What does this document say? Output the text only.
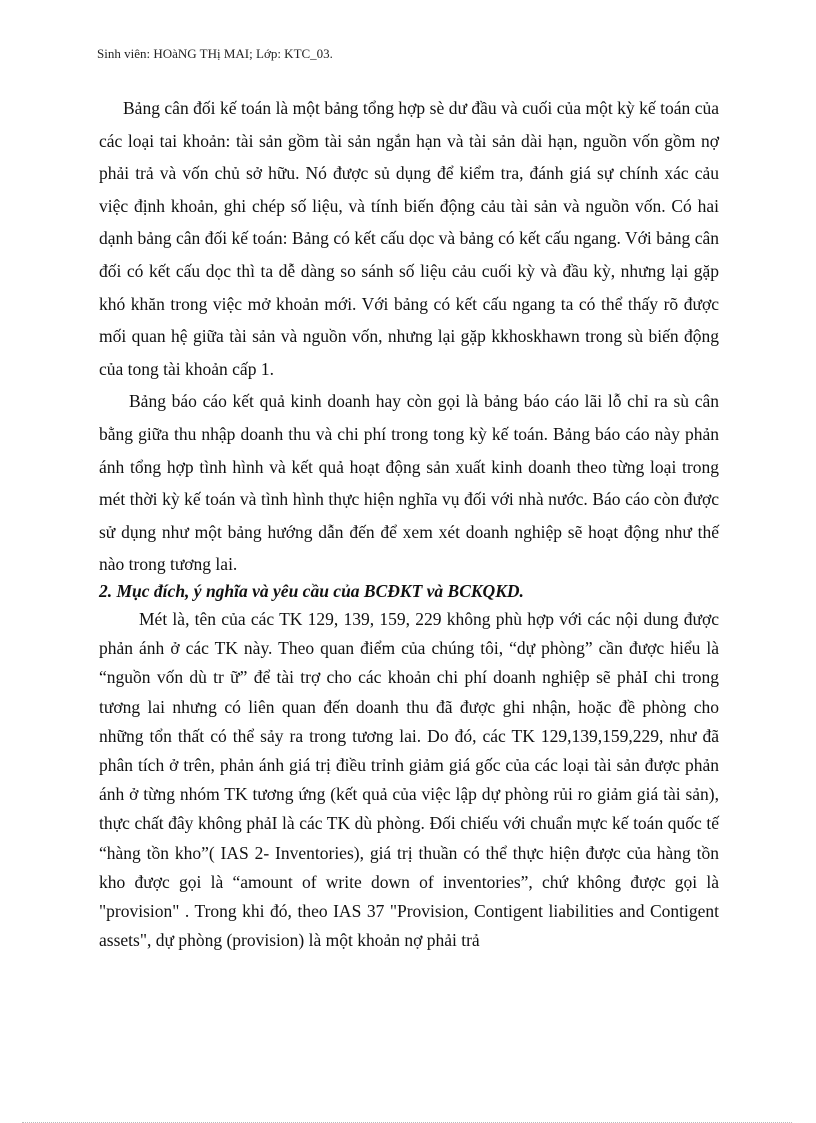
Sinh viên: HOàNG THị MAI; Lớp: KTC_03.

Bảng cân đối kế toán là một bảng tổng hợp sè dư đầu và cuối của một kỳ kế toán của các loại tai khoản: tài sản gồm tài sản ngắn hạn và tài sản dài hạn, nguồn vốn gồm nợ phải trả và vốn chủ sở hữu. Nó được sủ dụng để kiểm tra, đánh giá sự chính xác cảu việc định khoản, ghi chép số liệu, và tính biến động cảu tài sản và nguồn vốn. Có hai dạnh bảng cân đối kế toán: Bảng có kết cấu dọc và bảng có kết cấu ngang. Với bảng cân đối có kết cấu dọc thì ta dễ dàng so sánh số liệu cảu cuối kỳ và đầu kỳ, nhưng lại gặp khó khăn trong việc mở khoản mới. Với bảng có kết cấu ngang ta có thể thấy rõ được mối quan hệ giữa tài sản và nguồn vốn, nhưng lại gặp kkhoskhawn trong sù biến động của tong tài khoản cấp 1.

Bảng báo cáo kết quả kinh doanh hay còn gọi là bảng báo cáo lãi lỗ chỉ ra sù cân bằng giữa thu nhập doanh thu và chi phí trong tong kỳ kế toán. Bảng báo cáo này phản ánh tổng hợp tình hình và kết quả hoạt động sản xuất kinh doanh theo từng loại trong mét thời kỳ kế toán và tình hình thực hiện nghĩa vụ đối với nhà nước. Báo cáo còn được sử dụng như một bảng hướng dẫn đến để xem xét doanh nghiệp sẽ hoạt động như thế nào trong tương lai.

2. Mục đích, ý nghĩa và yêu cầu của BCĐKT và BCKQKD.

Mét là, tên của các TK 129, 139, 159, 229 không phù hợp với các nội dung được phản ánh ở các TK này. Theo quan điểm của chúng tôi, “dự phòng” cần được hiểu là “nguồn vốn dù tr ữ” để tài trợ cho các khoản chi phí doanh nghiệp sẽ phảI chi trong tương lai nhưng có liên quan đến doanh thu đã được ghi nhận, hoặc đề phòng cho những tổn thất có thể sảy ra trong tương lai. Do đó, các TK 129,139,159,229, như đã phân tích ở trên, phản ánh giá trị điều trỉnh giảm giá gốc của các loại tài sản được phản ánh ở từng nhóm TK tương ứng (kết quả của việc lập dự phòng rủi ro giảm giá tài sản), thực chất đây không phảI là các TK dù phòng. Đối chiếu với chuẩn mực kế toán quốc tế “hàng tồn kho”( IAS 2- Inventories), giá trị thuần có thể thực hiện được của hàng tồn kho được gọi là “amount of write down of inventories”, chứ không được gọi là "provision" . Trong khi đó, theo IAS 37 "Provision, Contigent liabilities and Contigent assets", dự phòng (provision) là một khoản nợ phải trả
